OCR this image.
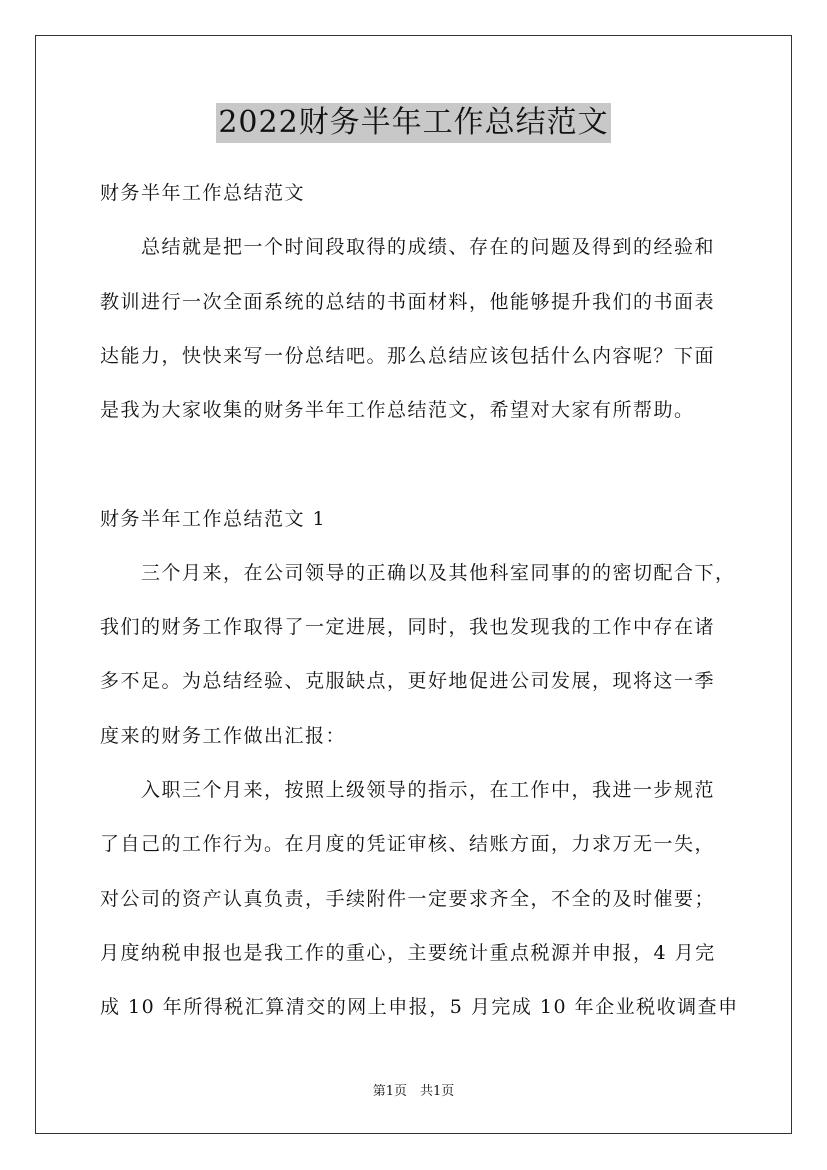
2022财务半年工作总结范文
财务半年工作总结范文
　　总结就是把一个时间段取得的成绩、存在的问题及得到的经验和
教训进行一次全面系统的总结的书面材料，他能够提升我们的书面表
达能力，快快来写一份总结吧。那么总结应该包括什么内容呢？下面
是我为大家收集的财务半年工作总结范文，希望对大家有所帮助。
财务半年工作总结范文 1
　　三个月来，在公司领导的正确以及其他科室同事的的密切配合下，
我们的财务工作取得了一定进展，同时，我也发现我的工作中存在诸
多不足。为总结经验、克服缺点，更好地促进公司发展，现将这一季
度来的财务工作做出汇报：
　　入职三个月来，按照上级领导的指示，在工作中，我进一步规范
了自己的工作行为。在月度的凭证审核、结账方面，力求万无一失，
对公司的资产认真负责，手续附件一定要求齐全，不全的及时催要；
月度纳税申报也是我工作的重心，主要统计重点税源并申报，4 月完
成 10 年所得税汇算清交的网上申报，5 月完成 10 年企业税收调查申
第1页　共1页
